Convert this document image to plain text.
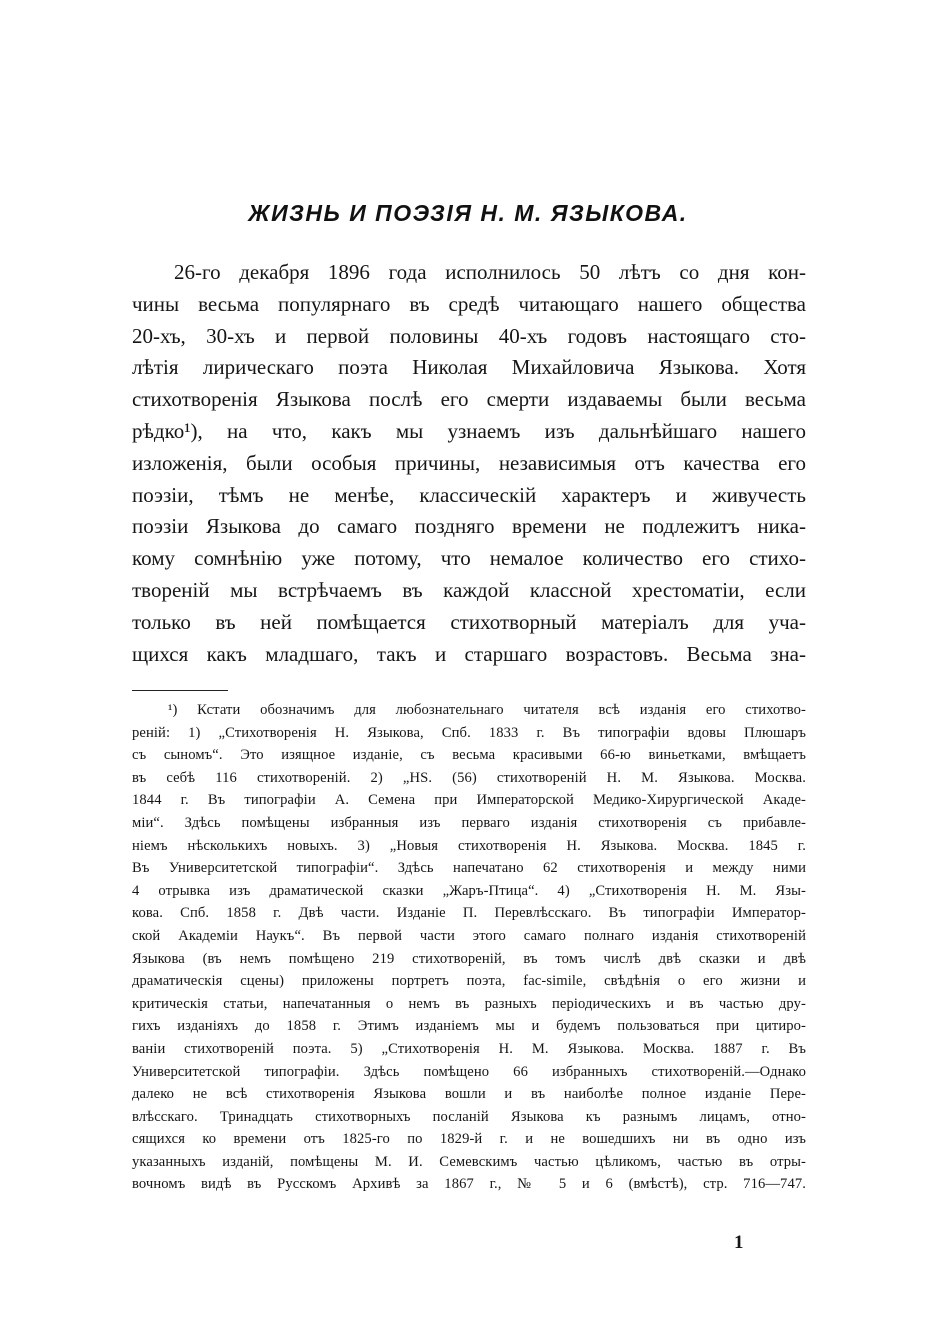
ЖИЗНЬ И ПОЭЗІЯ Н. М. ЯЗЫКОВА.
26-го декабря 1896 года исполнилось 50 лѣтъ со дня кон-
чины весьма популярнаго въ средѣ читающаго нашего общества
20-хъ, 30-хъ и первой половины 40-хъ годовъ настоящаго сто-
лѣтія лирическаго поэта Николая Михайловича Языкова. Хотя
стихотворенія Языкова послѣ его смерти издаваемы были весьма
рѣдко¹), на что, какъ мы узнаемъ изъ дальнѣйшаго нашего
изложенія, были особыя причины, независимыя отъ качества его
поэзіи, тѣмъ не менѣе, классическій характеръ и живучесть
поэзіи Языкова до самаго поздняго времени не подлежитъ ника-
кому сомнѣнію уже потому, что немалое количество его стихо-
твореній мы встрѣчаемъ въ каждой классной хрестоматіи, если
только въ ней помѣщается стихотворный матеріалъ для уча-
щихся какъ младшаго, такъ и старшаго возрастовъ. Весьма зна-
¹) Кстати обозначимъ для любознательнаго читателя всѣ изданія его стихотво-
реній: 1) „Стихотворенія Н. Языкова, Спб. 1833 г. Въ типографіи вдовы Плюшаръ
съ сыномъ“. Это изящное изданіе, съ весьма красивыми 66-ю виньетками, вмѣщаетъ
въ себѣ 116 стихотвореній. 2) „НS. (56) стихотвореній Н. М. Языкова. Москва.
1844 г. Въ типографіи А. Семена при Императорской Медико-Хирургической Акаде-
міи“. Здѣсь помѣщены избранныя изъ перваго изданія стихотворенія съ прибавле-
ніемъ нѣсколькихъ новыхъ. 3) „Новыя стихотворенія Н. Языкова. Москва. 1845 г.
Въ Университетской типографіи“. Здѣсь напечатано 62 стихотворенія и между ними
4 отрывка изъ драматической сказки „Жаръ-Птица“. 4) „Стихотворенія Н. М. Язы-
кова. Спб. 1858 г. Двѣ части. Изданіе П. Перевлѣсскаго. Въ типографіи Император-
ской Академіи Наукъ“. Въ первой части этого самаго полнаго изданія стихотвореній
Языкова (въ немъ помѣщено 219 стихотвореній, въ томъ числѣ двѣ сказки и двѣ
драматическія сцены) приложены портретъ поэта, fac-simile, свѣдѣнія о его жизни и
критическія статьи, напечатанныя о немъ въ разныхъ періодическихъ и въ частью дру-
гихъ изданіяхъ до 1858 г. Этимъ изданіемъ мы и будемъ пользоваться при цитиро-
ваніи стихотвореній поэта. 5) „Стихотворенія Н. М. Языкова. Москва. 1887 г. Въ
Университетской типографіи. Здѣсь помѣщено 66 избранныхъ стихотвореній.—Однако
далеко не всѣ стихотворенія Языкова вошли и въ наиболѣе полное изданіе Пере-
влѣсскаго. Тринадцать стихотворныхъ посланій Языкова къ разнымъ лицамъ, отно-
сящихся ко времени отъ 1825-го по 1829-й г. и не вошедшихъ ни въ одно изъ
указанныхъ изданій, помѣщены М. И. Семевскимъ частью цѣликомъ, частью въ отры-
вочномъ видѣ въ Русскомъ Архивѣ за 1867 г., № 5 и 6 (вмѣстѣ), стр. 716—747.
1
